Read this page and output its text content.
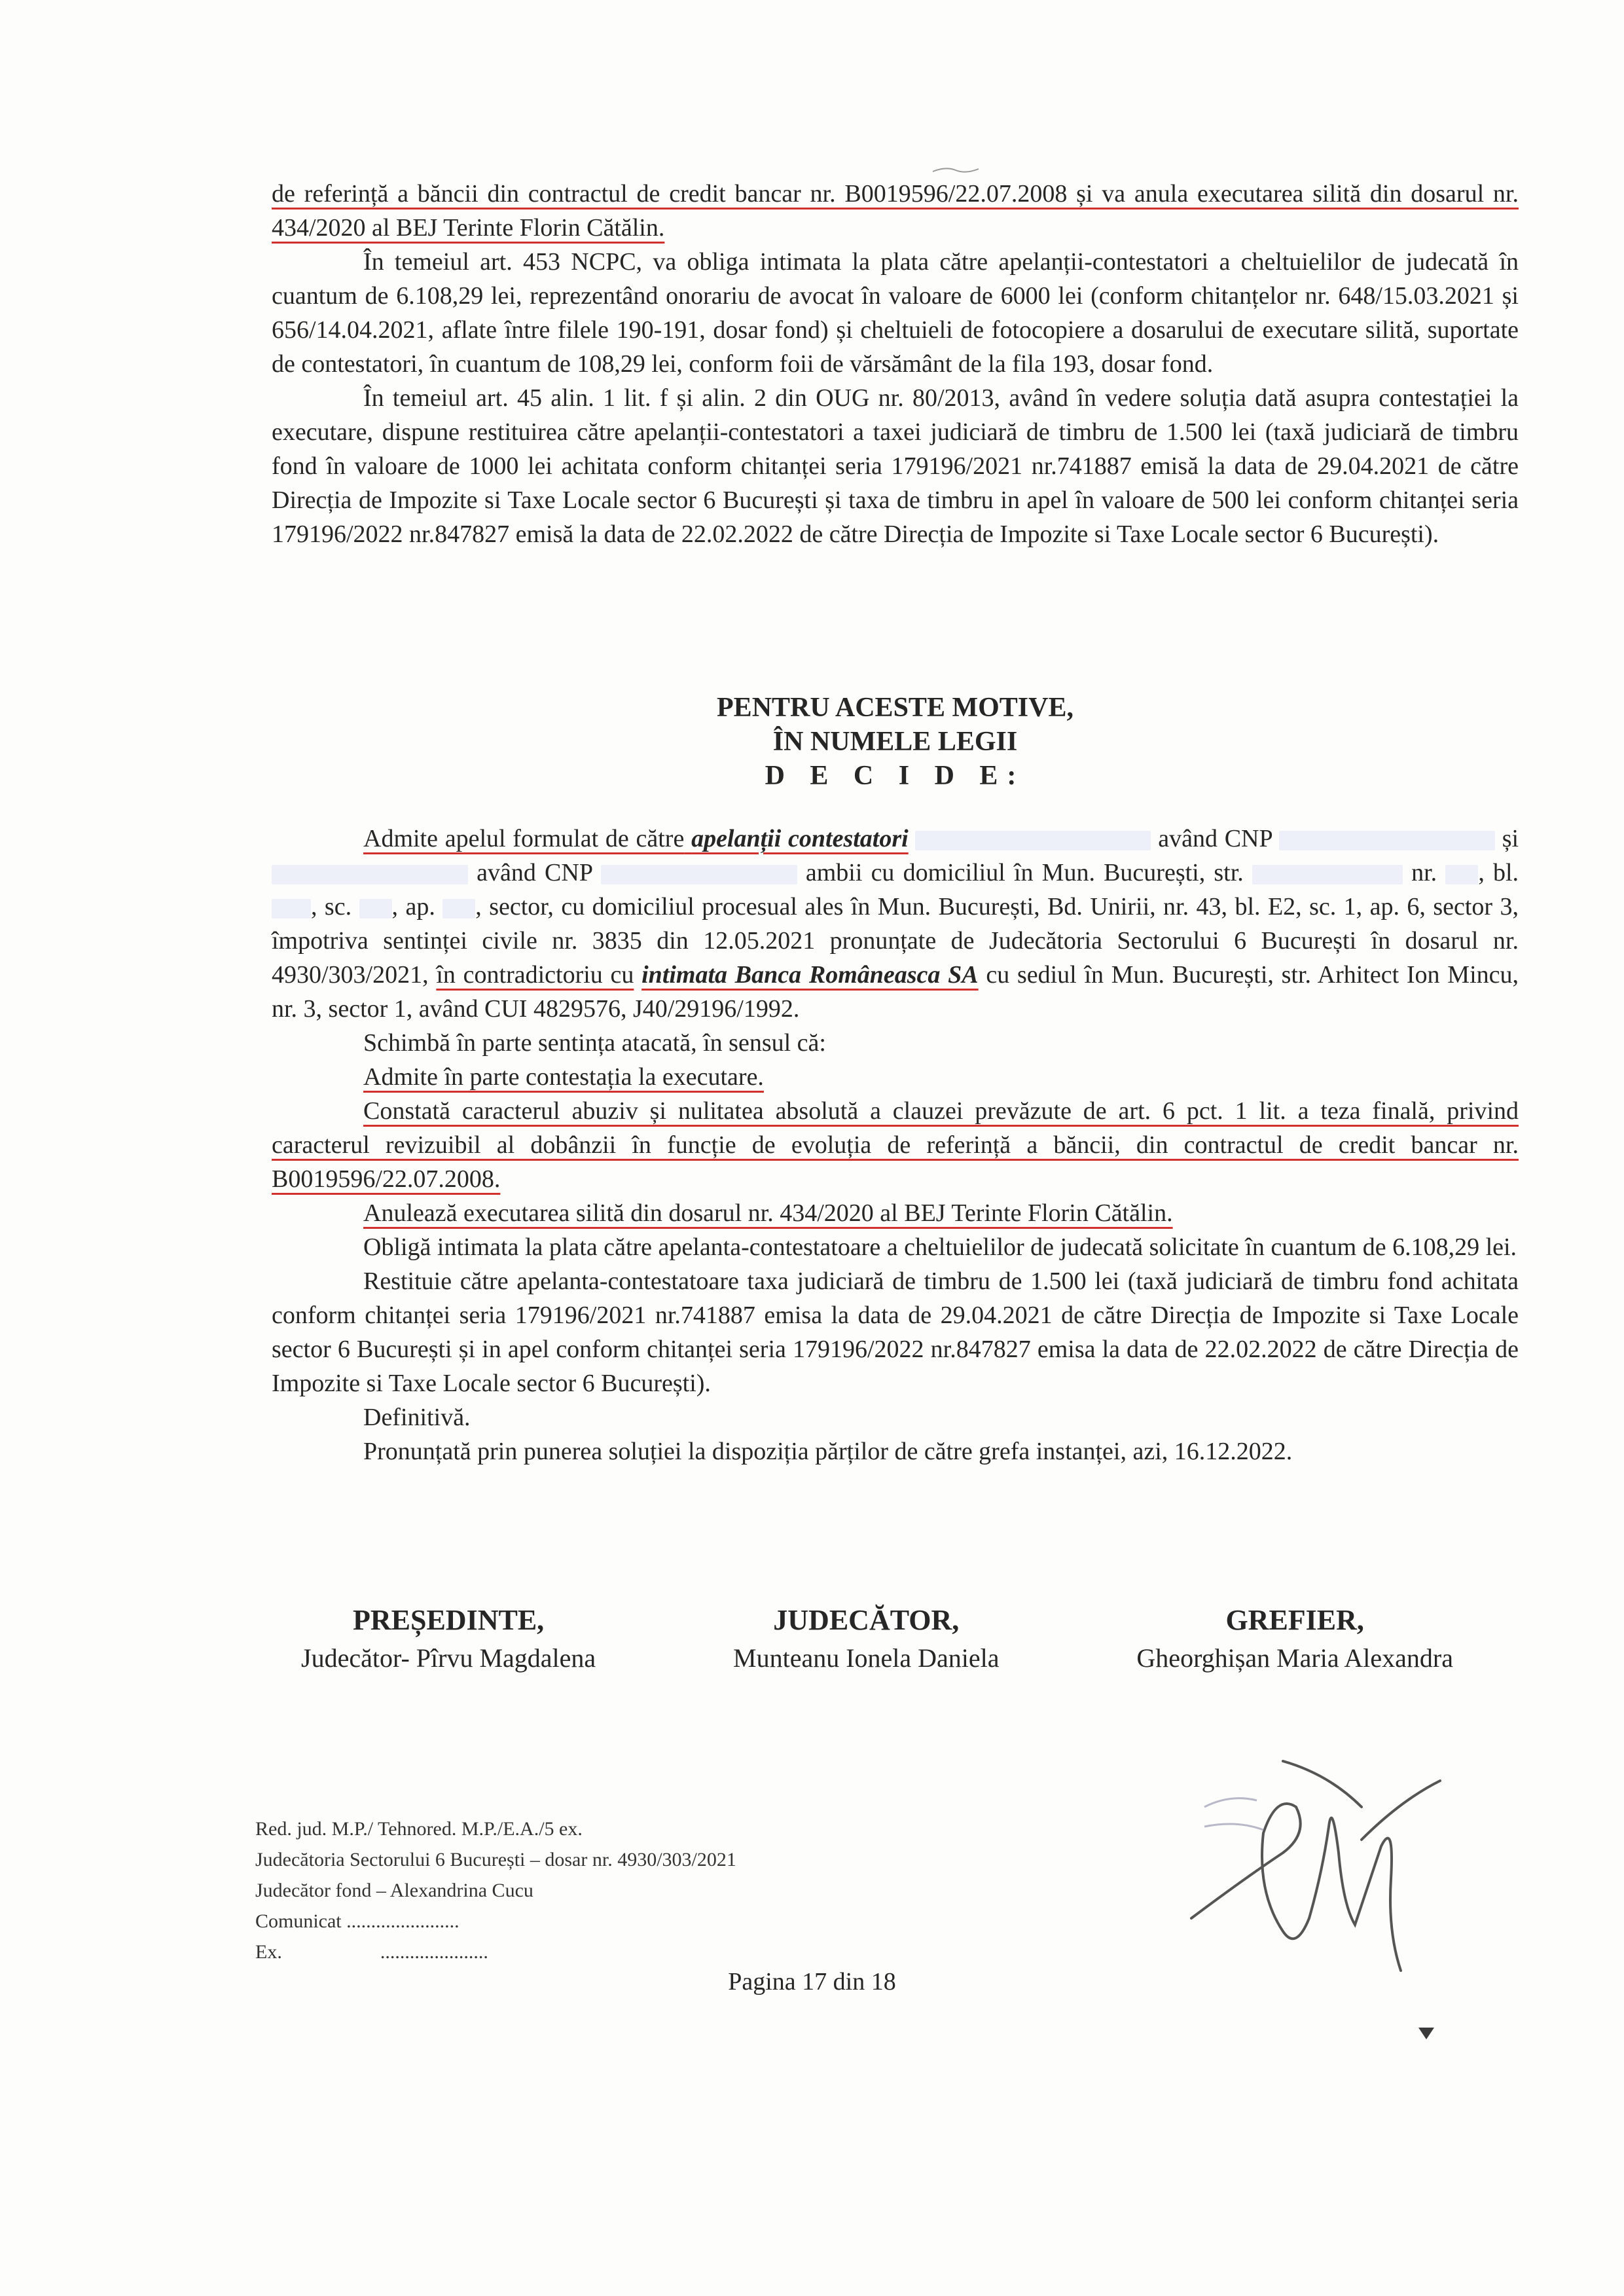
de referință a băncii din contractul de credit bancar nr. B0019596/22.07.2008 și va anula executarea silită din dosarul nr. 434/2020 al BEJ Terinte Florin Cătălin.

În temeiul art. 453 NCPC, va obliga intimata la plata către apelanții-contestatori a cheltuielilor de judecată în cuantum de 6.108,29 lei, reprezentând onorariu de avocat în valoare de 6000 lei (conform chitanțelor nr. 648/15.03.2021 și 656/14.04.2021, aflate între filele 190-191, dosar fond) și cheltuieli de fotocopiere a dosarului de executare silită, suportate de contestatori, în cuantum de 108,29 lei, conform foii de vărsământ de la fila 193, dosar fond.

În temeiul art. 45 alin. 1 lit. f și alin. 2 din OUG nr. 80/2013, având în vedere soluția dată asupra contestației la executare, dispune restituirea către apelanții-contestatori a taxei judiciară de timbru de 1.500 lei (taxă judiciară de timbru fond în valoare de 1000 lei achitata conform chitanței seria 179196/2021 nr.741887 emisă la data de 29.04.2021 de către Direcția de Impozite si Taxe Locale sector 6 București și taxa de timbru in apel în valoare de 500 lei conform chitanței seria 179196/2022 nr.847827 emisă la data de 22.02.2022 de către Direcția de Impozite si Taxe Locale sector 6 București).

PENTRU ACESTE MOTIVE,
ÎN NUMELE LEGII
D E C I D E:

Admite apelul formulat de către apelanții contestatori	având CNP	și  având CNP	ambii cu domiciliul în Mun. București, str.	nr. , bl. , sc. , ap. , sector, cu domiciliul procesual ales în Mun. București, Bd. Unirii, nr. 43, bl. E2, sc. 1, ap. 6, sector 3, împotriva sentinței civile nr. 3835 din 12.05.2021 pronunțate de Judecătoria Sectorului 6 București în dosarul nr. 4930/303/2021, în contradictoriu cu intimata Banca Româneasca SA cu sediul în Mun. București, str. Arhitect Ion Mincu, nr. 3, sector 1, având CUI 4829576, J40/29196/1992.

Schimbă în parte sentința atacată, în sensul că:

Admite în parte contestația la executare.

Constată caracterul abuziv și nulitatea absolută a clauzei prevăzute de art. 6 pct. 1 lit. a teza finală, privind caracterul revizuibil al dobânzii în funcție de evoluția de referință a băncii, din contractul de credit bancar nr. B0019596/22.07.2008.

Anulează executarea silită din dosarul nr. 434/2020 al BEJ Terinte Florin Cătălin.

Obligă intimata la plata către apelanta-contestatoare a cheltuielilor de judecată solicitate în cuantum de 6.108,29 lei.

Restituie către apelanta-contestatoare taxa judiciară de timbru de 1.500 lei (taxă judiciară de timbru fond achitata conform chitanței seria 179196/2021 nr.741887 emisa la data de 29.04.2021 de către Direcția de Impozite si Taxe Locale sector 6 București și in apel conform chitanței seria 179196/2022 nr.847827 emisa la data de 22.02.2022 de către Direcția de Impozite si Taxe Locale sector 6 București).

Definitivă.

Pronunțată prin punerea soluției la dispoziția părților de către grefa instanței, azi, 16.12.2022.

PREȘEDINTE,
Judecător- Pîrvu Magdalena
JUDECĂTOR,
Munteanu Ionela Daniela
GREFIER,
Gheorghișan Maria Alexandra
Red. jud. M.P./ Tehnored. M.P./E.A./5 ex.
Judecătoria Sectorului 6 București – dosar nr. 4930/303/2021
Judecător fond – Alexandrina Cucu
Comunicat .......................
Ex.	......................
Pagina 17 din 18
